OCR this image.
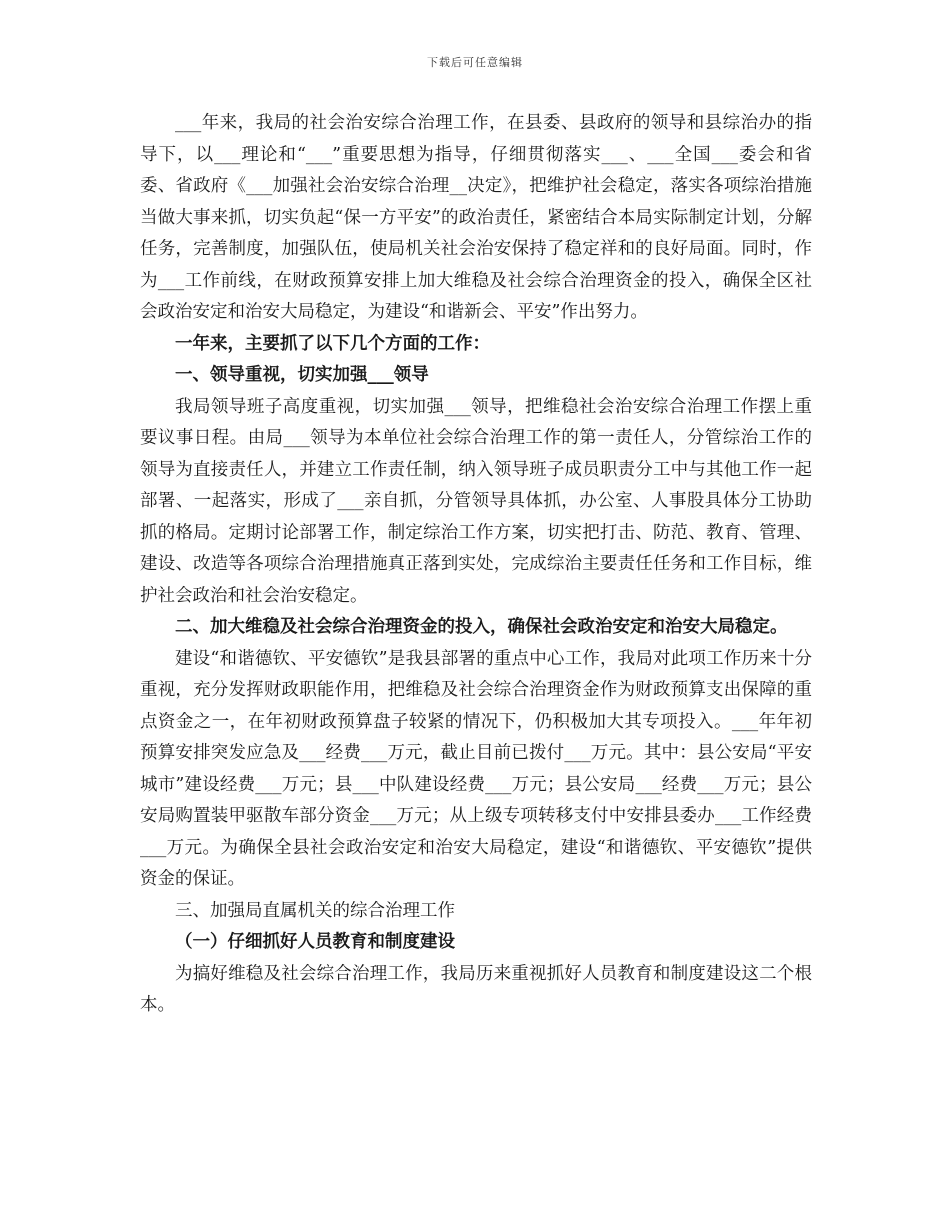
下载后可任意编辑

___年来，我局的社会治安综合治理工作，在县委、县政府的领导和县综治办的指导下，以___理论和“___”重要思想为指导，仔细贯彻落实___、___全国___委会和省委、省政府《___加强社会治安综合治理__决定》，把维护社会稳定，落实各项综治措施当做大事来抓，切实负起“保一方平安”的政治责任，紧密结合本局实际制定计划，分解任务，完善制度，加强队伍，使局机关社会治安保持了稳定祥和的良好局面。同时，作为___工作前线，在财政预算安排上加大维稳及社会综合治理资金的投入，确保全区社会政治安定和治安大局稳定，为建设“和谐新会、平安”作出努力。

一年来，主要抓了以下几个方面的工作：

一、领导重视，切实加强___领导

我局领导班子高度重视，切实加强___领导，把维稳社会治安综合治理工作摆上重要议事日程。由局___领导为本单位社会综合治理工作的第一责任人，分管综治工作的领导为直接责任人，并建立工作责任制，纳入领导班子成员职责分工中与其他工作一起部署、一起落实，形成了___亲自抓，分管领导具体抓，办公室、人事股具体分工协助抓的格局。定期讨论部署工作，制定综治工作方案，切实把打击、防范、教育、管理、建设、改造等各项综合治理措施真正落到实处，完成综治主要责任任务和工作目标，维护社会政治和社会治安稳定。

二、加大维稳及社会综合治理资金的投入，确保社会政治安定和治安大局稳定。

建设“和谐德钦、平安德钦”是我县部署的重点中心工作，我局对此项工作历来十分重视，充分发挥财政职能作用，把维稳及社会综合治理资金作为财政预算支出保障的重点资金之一，在年初财政预算盘子较紧的情况下，仍积极加大其专项投入。___年年初预算安排突发应急及___经费___万元，截止目前已拨付___万元。其中：县公安局“平安城市”建设经费___万元；县___中队建设经费___万元；县公安局___经费___万元；县公安局购置装甲驱散车部分资金___万元；从上级专项转移支付中安排县委办___工作经费___万元。为确保全县社会政治安定和治安大局稳定，建设“和谐德钦、平安德钦”提供资金的保证。

三、加强局直属机关的综合治理工作

（一）仔细抓好人员教育和制度建设

为搞好维稳及社会综合治理工作，我局历来重视抓好人员教育和制度建设这二个根本。
